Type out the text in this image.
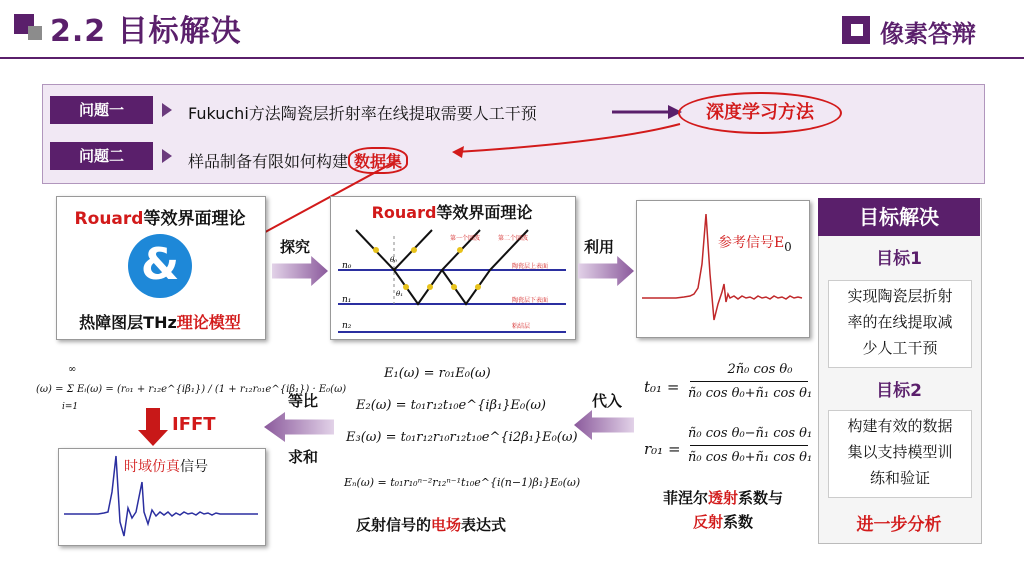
2.2 目标解决	像素答辩
问题一	Fukuchi方法陶瓷层折射率在线提取需要人工干预	深度学习方法
问题二	样品制备有限如何构建 数据集
Rouard等效界面理论
&
热障图层THz理论模型
探究
Rouard等效界面理论
n₀
n₁
n₂
θ₀
θ₁
陶瓷层上表面
陶瓷层下表面
粘结层
第一个回波	第二个回波	利用	参考信号$E_0$
代入
t₀₁ =
2ñ₀ cos θ₀
ñ₀ cos θ₀+ñ₁ cos θ₁
r₀₁ =
ñ₀ cos θ₀−ñ₁ cos θ₁
ñ₀ cos θ₀+ñ₁ cos θ₁
菲涅尔透射系数与
反射系数
E₁(ω) = r₀₁E₀(ω)
E₂(ω) = t₀₁r₁₂t₁₀e^{iβ₁}E₀(ω)
E₃(ω) = t₀₁r₁₂r₁₀r₁₂t₁₀e^{i2β₁}E₀(ω)
Eₙ(ω) = t₀₁r₁₀ⁿ⁻²r₁₂ⁿ⁻¹t₁₀e^{i(n−1)β₁}E₀(ω)
反射信号的电场表达式
等比
求和
∞
i=1
(ω) = Σ Eᵢ(ω) = (r₀₁ + r₁₂e^{iβ₁}) / (1 + r₁₂r₀₁e^{iβ₁}) · E₀(ω)
IFFT
时域仿真信号
目标解决
目标1
实现陶瓷层折射
率的在线提取减
少人工干预
目标2
构建有效的数据
集以支持模型训
练和验证
进一步分析
